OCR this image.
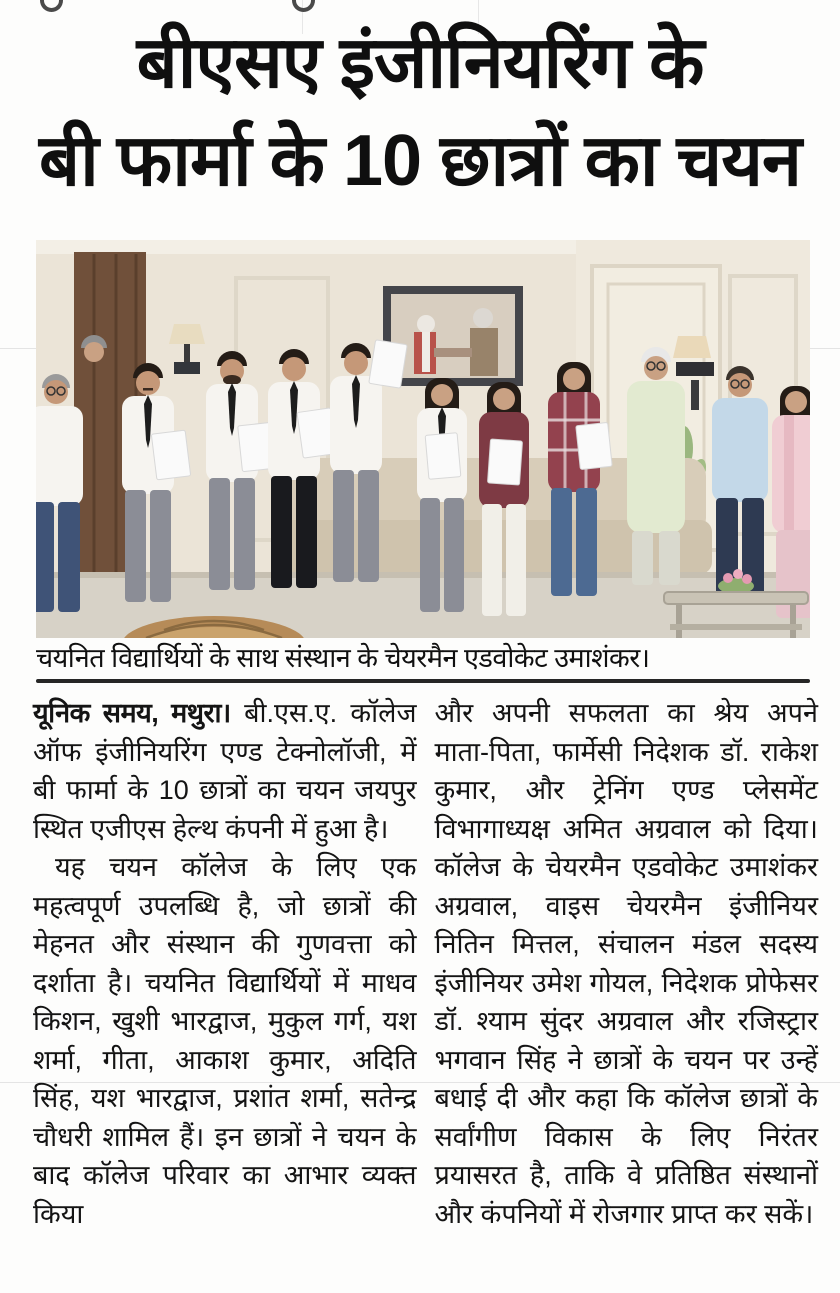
बीएसए इंजीनियरिंग के
बी फार्मा के 10 छात्रों का चयन
चयनित विद्यार्थियों के साथ संस्थान के चेयरमैन एडवोकेट उमाशंकर।

यूनिक समय, मथुरा। बी.एस.ए. कॉलेज ऑफ इंजीनियरिंग एण्ड टेक्नोलॉजी, में बी फार्मा के 10 छात्रों का चयन जयपुर स्थित एजीएस हेल्थ कंपनी में हुआ है।

यह चयन कॉलेज के लिए एक महत्वपूर्ण उपलब्धि है, जो छात्रों की मेहनत और संस्थान की गुणवत्ता को दर्शाता है। चयनित विद्यार्थियों में माधव किशन, खुशी भारद्वाज, मुकुल गर्ग, यश शर्मा, गीता, आकाश कुमार, अदिति सिंह, यश भारद्वाज, प्रशांत शर्मा, सतेन्द्र चौधरी शामिल हैं। इन छात्रों ने चयन के बाद कॉलेज परिवार का आभार व्यक्त किया

और अपनी सफलता का श्रेय अपने माता-पिता, फार्मेसी निदेशक डॉ. राकेश कुमार, और ट्रेनिंग एण्ड प्लेसमेंट विभागाध्यक्ष अमित अग्रवाल को दिया। कॉलेज के चेयरमैन एडवोकेट उमाशंकर अग्रवाल, वाइस चेयरमैन इंजीनियर नितिन मित्तल, संचालन मंडल सदस्य इंजीनियर उमेश गोयल, निदेशक प्रोफेसर डॉ. श्याम सुंदर अग्रवाल और रजिस्ट्रार भगवान सिंह ने छात्रों के चयन पर उन्हें बधाई दी और कहा कि कॉलेज छात्रों के सर्वांगीण विकास के लिए निरंतर प्रयासरत है, ताकि वे प्रतिष्ठित संस्थानों और कंपनियों में रोजगार प्राप्त कर सकें।
